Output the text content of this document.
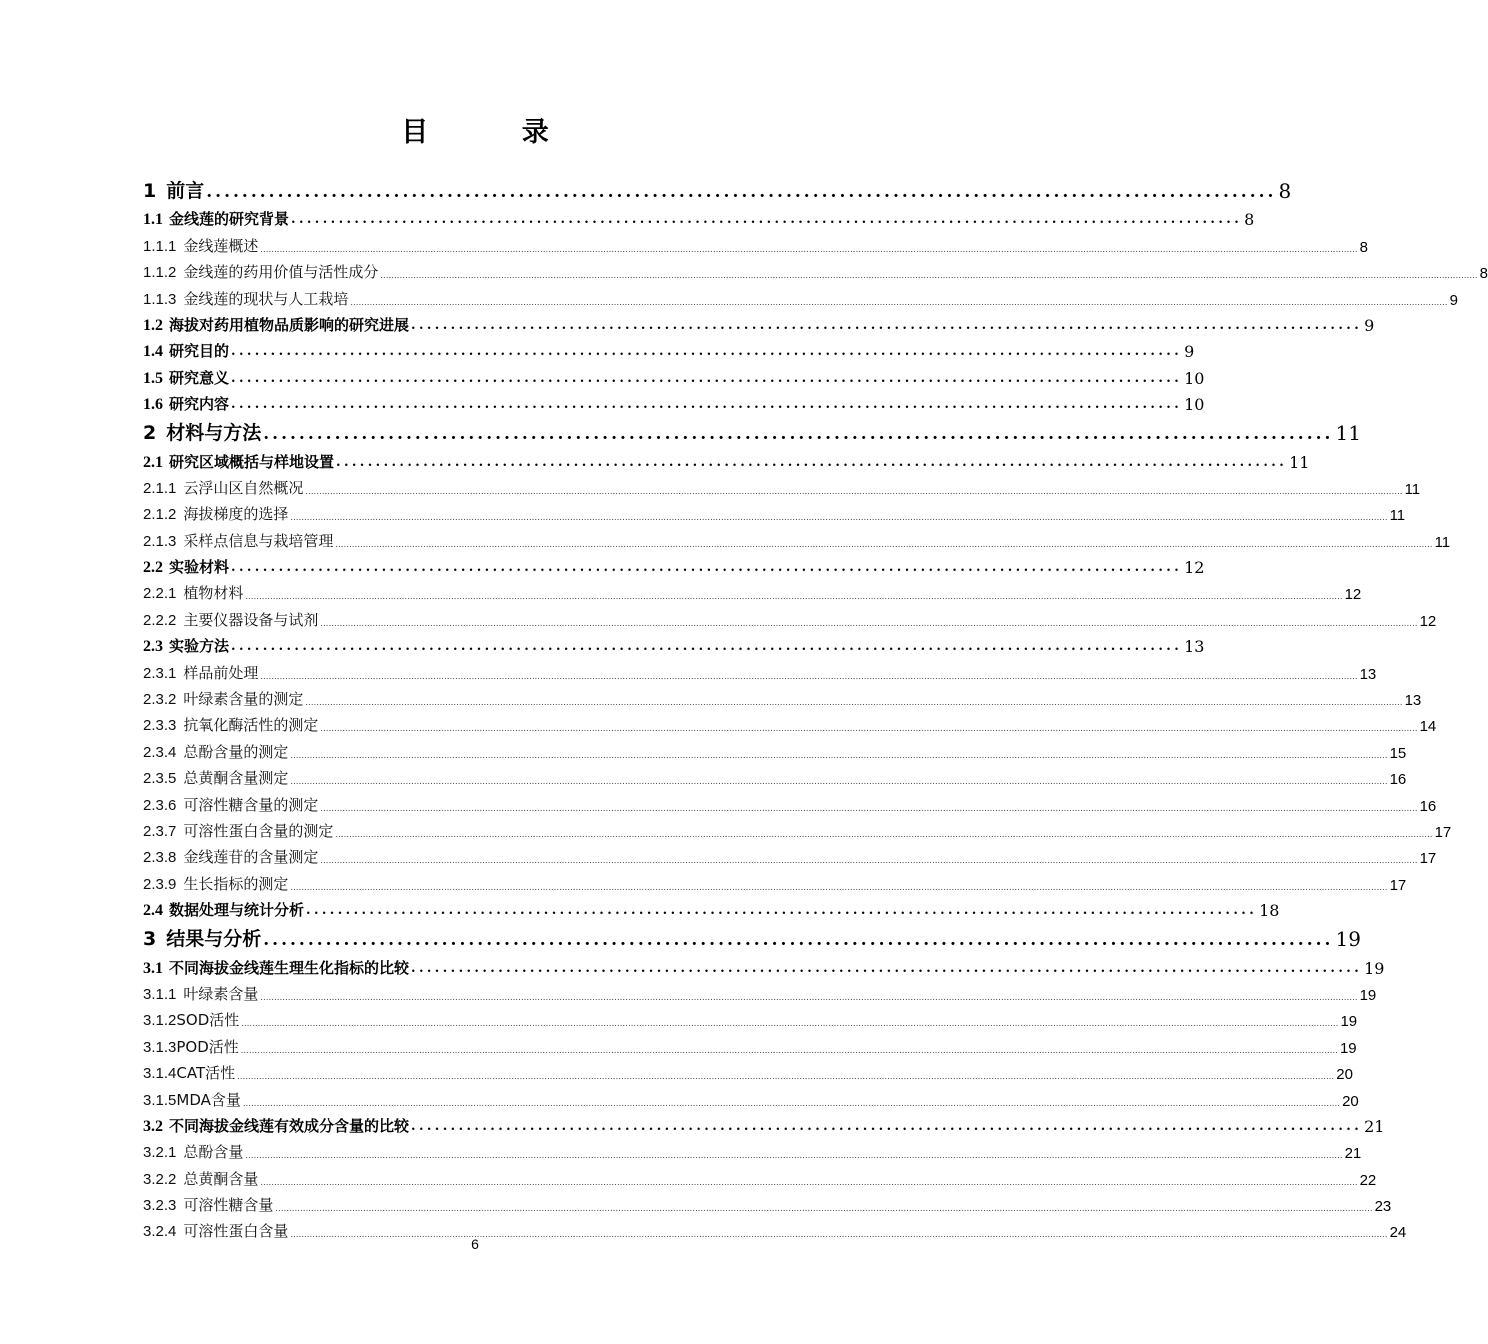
目 录
1 前言 ........................................................................................................................ 8
1.1 金线莲的研究背景 ........................................................................................................................ 8
1.1.1 金线莲概述 ................................................................................................................................................................................................................................................................................................................................................................................................................ 8
1.1.2 金线莲的药用价值与活性成分 ................................................................................................................................................................................................................................................................................................................................................................................................................ 8
1.1.3 金线莲的现状与人工栽培 ................................................................................................................................................................................................................................................................................................................................................................................................................ 9
1.2 海拔对药用植物品质影响的研究进展 ........................................................................................................................ 9
1.4 研究目的 ........................................................................................................................ 9
1.5 研究意义 ........................................................................................................................ 10
1.6 研究内容 ........................................................................................................................ 10
2 材料与方法 ........................................................................................................................ 11
2.1 研究区域概括与样地设置 ........................................................................................................................ 11
2.1.1 云浮山区自然概况 ................................................................................................................................................................................................................................................................................................................................................................................................................ 11
2.1.2 海拔梯度的选择 ................................................................................................................................................................................................................................................................................................................................................................................................................ 11
2.1.3 采样点信息与栽培管理 ................................................................................................................................................................................................................................................................................................................................................................................................................ 11
2.2 实验材料 ........................................................................................................................ 12
2.2.1 植物材料 ................................................................................................................................................................................................................................................................................................................................................................................................................ 12
2.2.2 主要仪器设备与试剂 ................................................................................................................................................................................................................................................................................................................................................................................................................ 12
2.3 实验方法 ........................................................................................................................ 13
2.3.1 样品前处理 ................................................................................................................................................................................................................................................................................................................................................................................................................ 13
2.3.2 叶绿素含量的测定 ................................................................................................................................................................................................................................................................................................................................................................................................................ 13
2.3.3 抗氧化酶活性的测定 ................................................................................................................................................................................................................................................................................................................................................................................................................ 14
2.3.4 总酚含量的测定 ................................................................................................................................................................................................................................................................................................................................................................................................................ 15
2.3.5 总黄酮含量测定 ................................................................................................................................................................................................................................................................................................................................................................................................................ 16
2.3.6 可溶性糖含量的测定 ................................................................................................................................................................................................................................................................................................................................................................................................................ 16
2.3.7 可溶性蛋白含量的测定 ................................................................................................................................................................................................................................................................................................................................................................................................................ 17
2.3.8 金线莲苷的含量测定 ................................................................................................................................................................................................................................................................................................................................................................................................................ 17
2.3.9 生长指标的测定 ................................................................................................................................................................................................................................................................................................................................................................................................................ 17
2.4 数据处理与统计分析 ........................................................................................................................ 18
3 结果与分析 ........................................................................................................................ 19
3.1 不同海拔金线莲生理生化指标的比较 ........................................................................................................................ 19
3.1.1 叶绿素含量 ................................................................................................................................................................................................................................................................................................................................................................................................................ 19
3.1.2SOD活性 ................................................................................................................................................................................................................................................................................................................................................................................................................ 19
3.1.3POD活性 ................................................................................................................................................................................................................................................................................................................................................................................................................ 19
3.1.4CAT活性 ................................................................................................................................................................................................................................................................................................................................................................................................................ 20
3.1.5MDA含量 ................................................................................................................................................................................................................................................................................................................................................................................................................ 20
3.2 不同海拔金线莲有效成分含量的比较 ........................................................................................................................ 21
3.2.1 总酚含量 ................................................................................................................................................................................................................................................................................................................................................................................................................ 21
3.2.2 总黄酮含量 ................................................................................................................................................................................................................................................................................................................................................................................................................ 22
3.2.3 可溶性糖含量 ................................................................................................................................................................................................................................................................................................................................................................................................................ 23
3.2.4 可溶性蛋白含量 ................................................................................................................................................................................................................................................................................................................................................................................................................ 24
6
